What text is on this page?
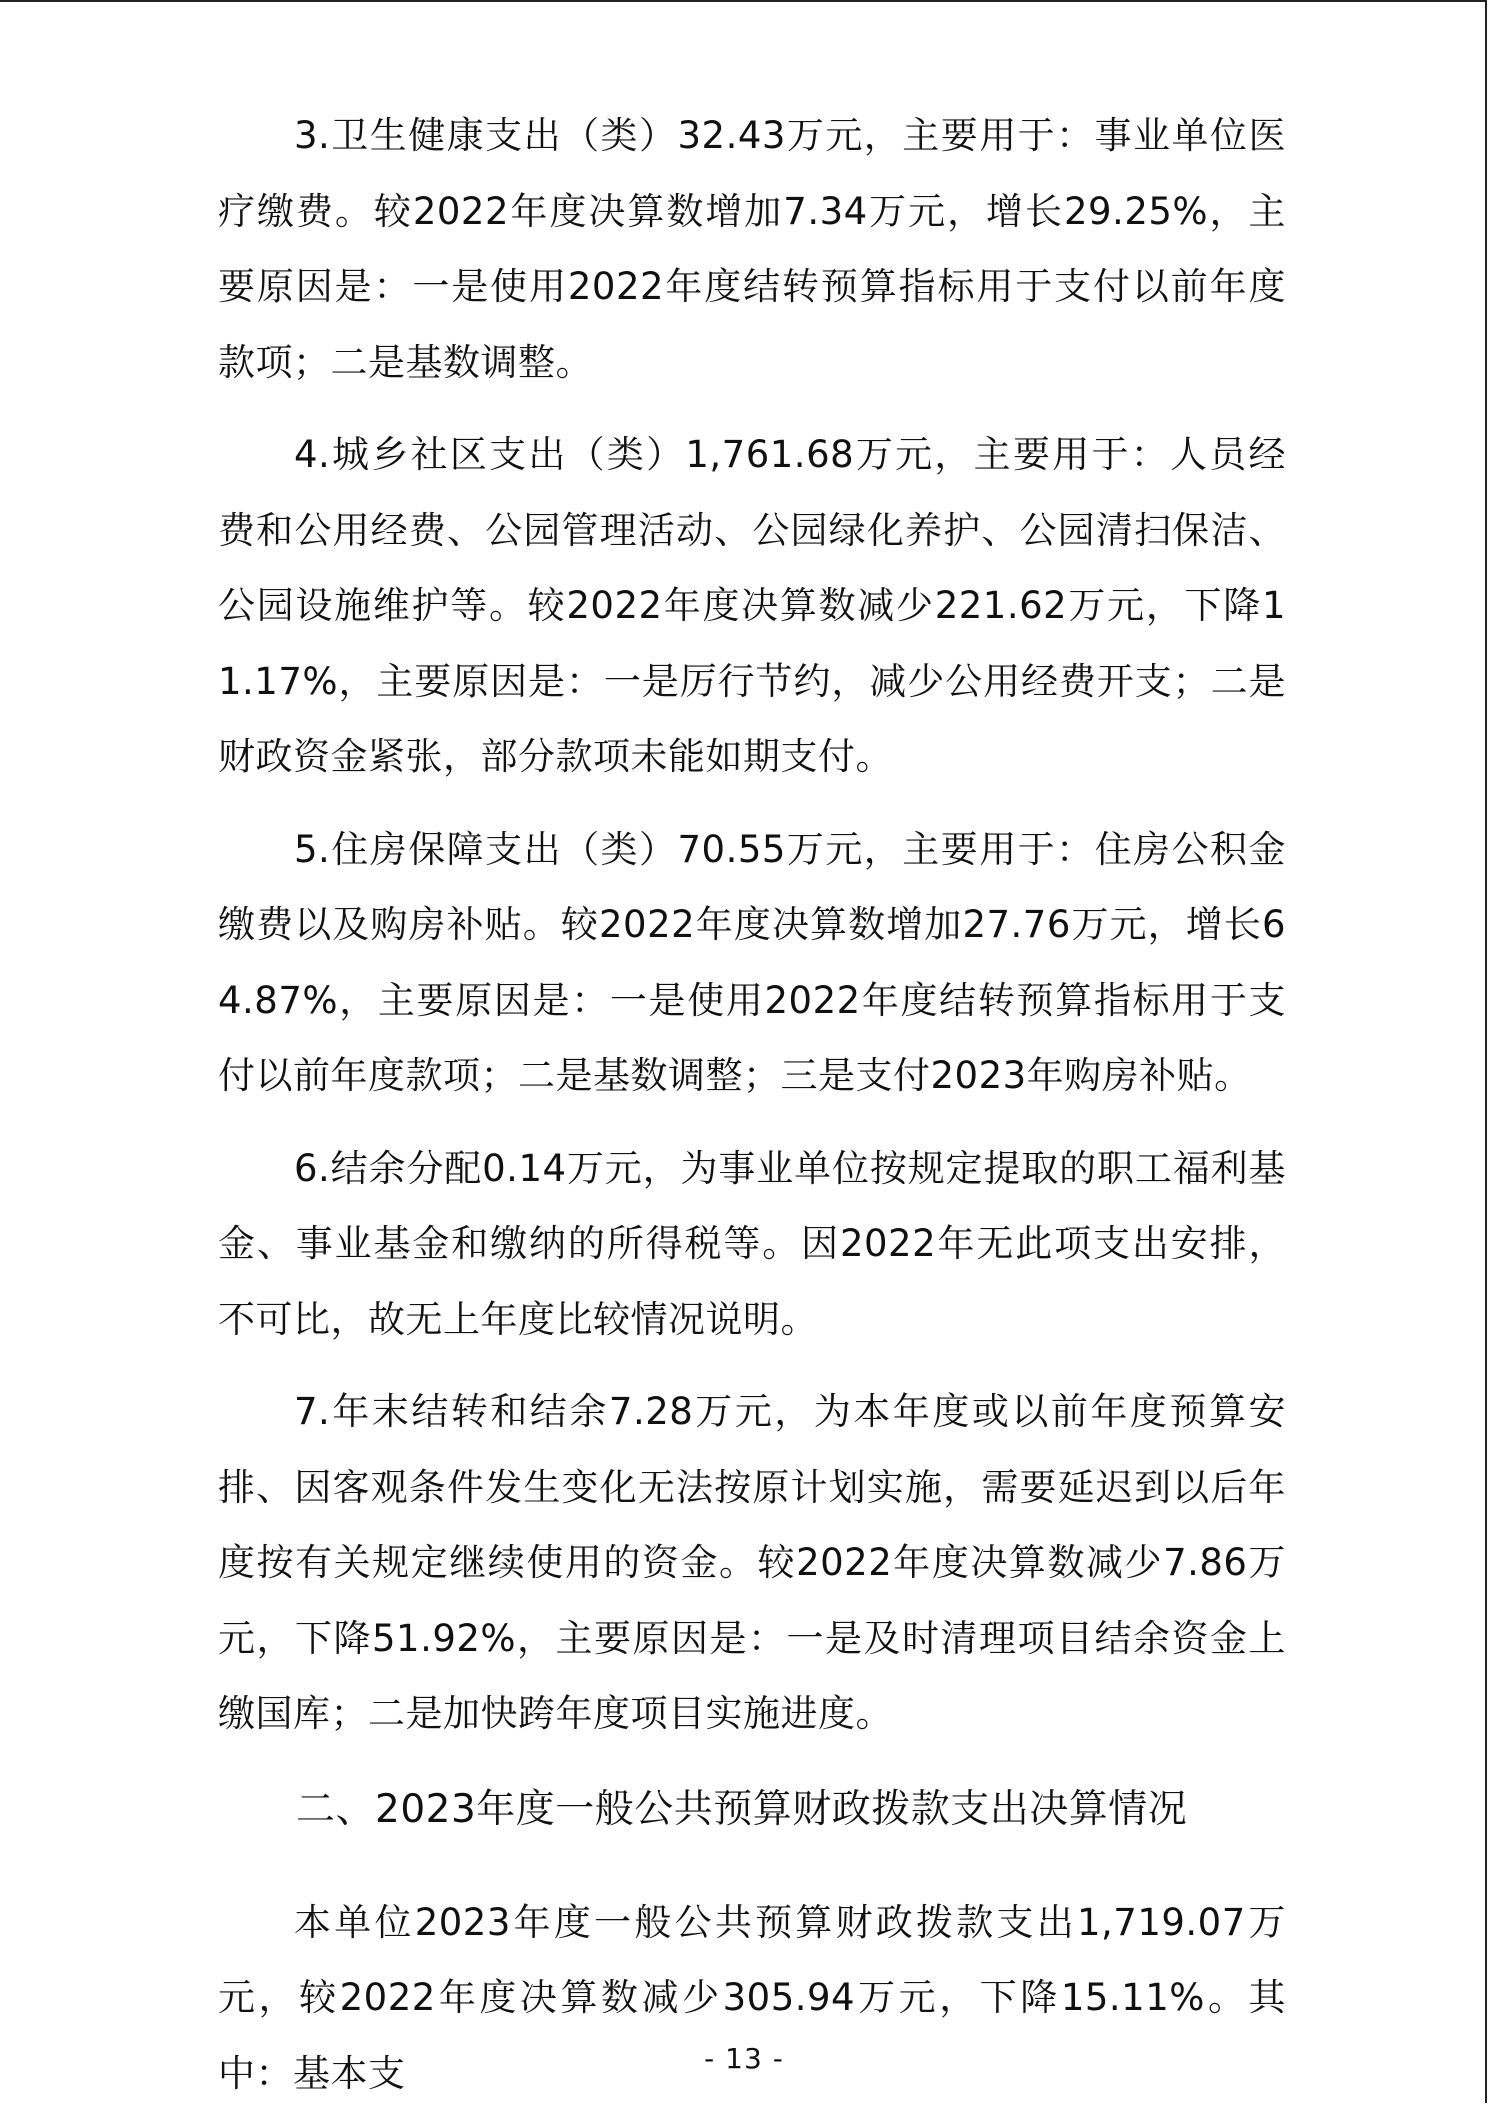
3.卫生健康支出（类）32.43万元，主要用于：事业单位医疗缴费。较2022年度决算数增加7.34万元，增长29.25%，主要原因是：一是使用2022年度结转预算指标用于支付以前年度款项；二是基数调整。

4.城乡社区支出（类）1,761.68万元，主要用于：人员经费和公用经费、公园管理活动、公园绿化养护、公园清扫保洁、公园设施维护等。较2022年度决算数减少221.62万元，下降11.17%，主要原因是：一是厉行节约，减少公用经费开支；二是财政资金紧张，部分款项未能如期支付。

5.住房保障支出（类）70.55万元，主要用于：住房公积金缴费以及购房补贴。较2022年度决算数增加27.76万元，增长64.87%，主要原因是：一是使用2022年度结转预算指标用于支付以前年度款项；二是基数调整；三是支付2023年购房补贴。

6.结余分配0.14万元，为事业单位按规定提取的职工福利基金、事业基金和缴纳的所得税等。因2022年无此项支出安排，不可比，故无上年度比较情况说明。

7.年末结转和结余7.28万元，为本年度或以前年度预算安排、因客观条件发生变化无法按原计划实施，需要延迟到以后年度按有关规定继续使用的资金。较2022年度决算数减少7.86万元，下降51.92%，主要原因是：一是及时清理项目结余资金上缴国库；二是加快跨年度项目实施进度。

二、2023年度一般公共预算财政拨款支出决算情况

本单位2023年度一般公共预算财政拨款支出1,719.07万元，较2022年度决算数减少305.94万元，下降15.11%。其中：基本支	- 13 -
